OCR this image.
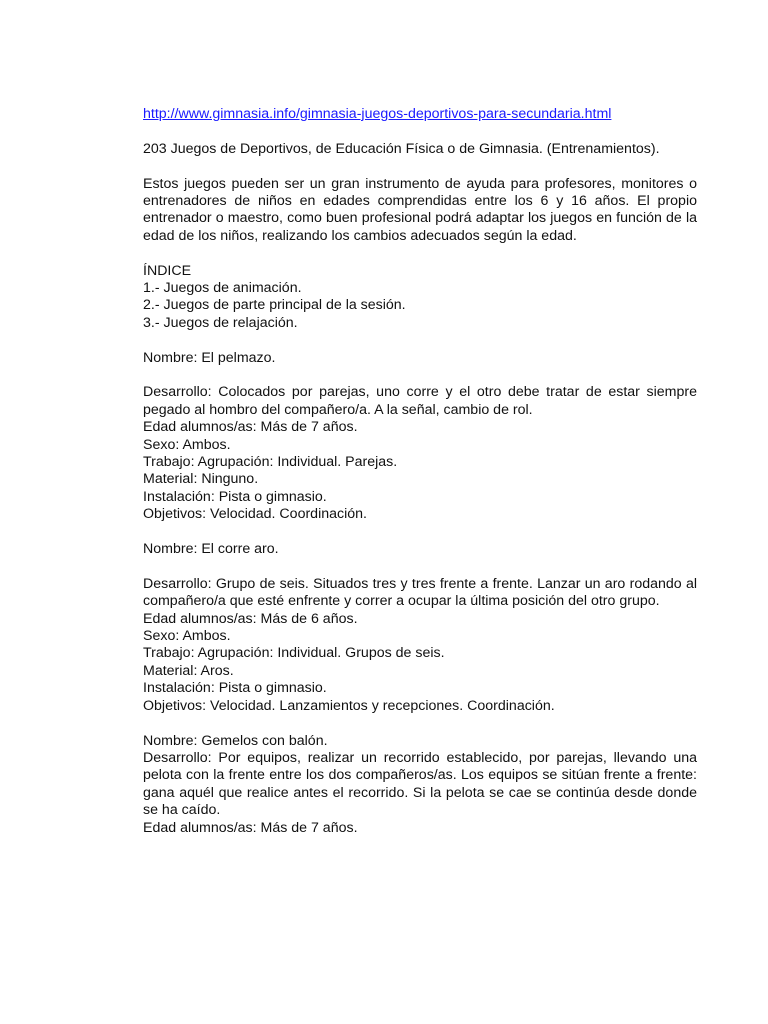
http://www.gimnasia.info/gimnasia-juegos-deportivos-para-secundaria.html

203 Juegos de Deportivos, de Educación Física o de Gimnasia. (Entrenamientos).

Estos juegos pueden ser un gran instrumento de ayuda para profesores, monitores o entrenadores de niños en edades comprendidas entre los 6 y 16 años. El propio entrenador o maestro, como buen profesional podrá adaptar los juegos en función de la edad de los niños, realizando los cambios adecuados según la edad.

ÍNDICE

1.- Juegos de animación.

2.- Juegos de parte principal de la sesión.

3.- Juegos de relajación.

Nombre: El pelmazo.

Desarrollo: Colocados por parejas, uno corre y el otro debe tratar de estar siempre pegado al hombro del compañero/a. A la señal, cambio de rol.

Edad alumnos/as: Más de 7 años.

Sexo: Ambos.

Trabajo: Agrupación: Individual. Parejas.

Material: Ninguno.

Instalación: Pista o gimnasio.

Objetivos: Velocidad. Coordinación.

Nombre: El corre aro.

Desarrollo: Grupo de seis. Situados tres y tres frente a frente. Lanzar un aro rodando al compañero/a que esté enfrente y correr a ocupar la última posición del otro grupo.

Edad alumnos/as: Más de 6 años.

Sexo: Ambos.

Trabajo: Agrupación: Individual. Grupos de seis.

Material: Aros.

Instalación: Pista o gimnasio.

Objetivos: Velocidad. Lanzamientos y recepciones. Coordinación.

Nombre: Gemelos con balón.

Desarrollo: Por equipos, realizar un recorrido establecido, por parejas, llevando una pelota con la frente entre los dos compañeros/as. Los equipos se sitúan frente a frente: gana aquél que realice antes el recorrido. Si la pelota se cae se continúa desde donde se ha caído.

Edad alumnos/as: Más de 7 años.
